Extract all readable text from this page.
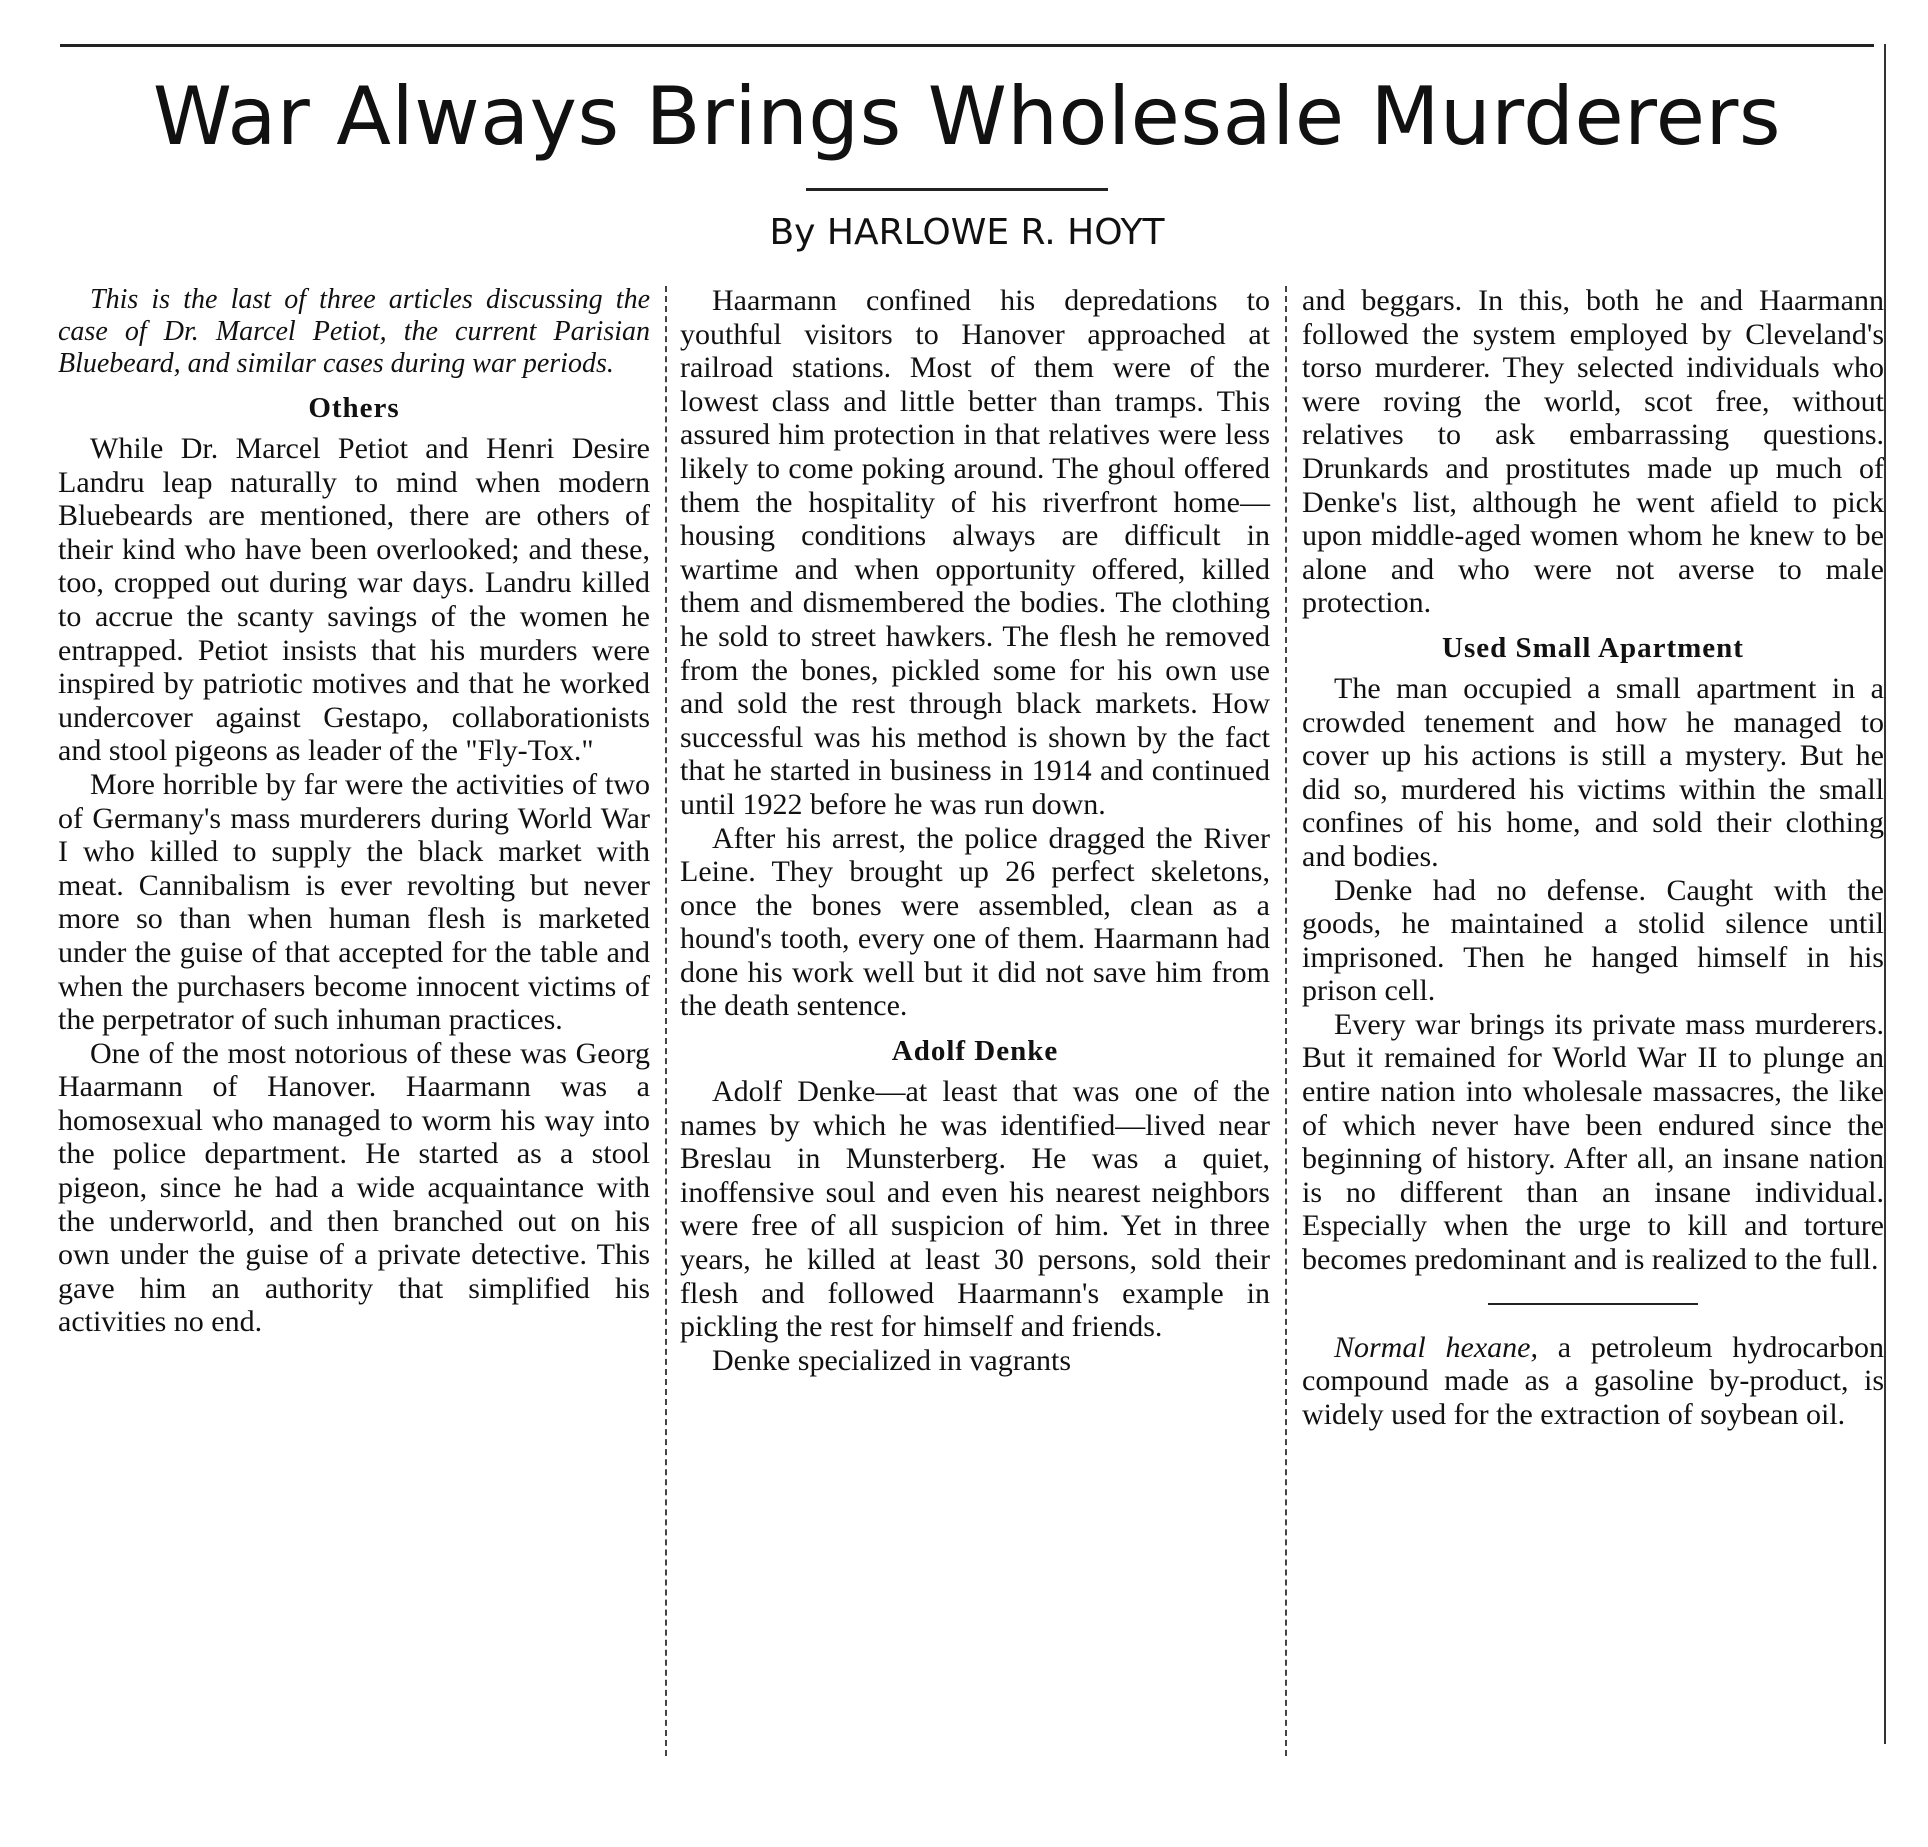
War Always Brings Wholesale Murderers
By HARLOWE R. HOYT

This is the last of three articles discussing the case of Dr. Marcel Petiot, the current Parisian Bluebeard, and similar cases during war periods.

Others

While Dr. Marcel Petiot and Henri Desire Landru leap naturally to mind when modern Bluebeards are mentioned, there are others of their kind who have been overlooked; and these, too, cropped out during war days. Landru killed to accrue the scanty savings of the women he entrapped. Petiot insists that his murders were inspired by patriotic motives and that he worked undercover against Gestapo, collaborationists and stool pigeons as leader of the "Fly-Tox."

More horrible by far were the activities of two of Germany's mass murderers during World War I who killed to supply the black market with meat. Cannibalism is ever revolting but never more so than when human flesh is marketed under the guise of that accepted for the table and when the purchasers become innocent victims of the perpetrator of such inhuman practices.

One of the most notorious of these was Georg Haarmann of Hanover. Haarmann was a homosexual who managed to worm his way into the police department. He started as a stool pigeon, since he had a wide acquaintance with the underworld, and then branched out on his own under the guise of a private detective. This gave him an authority that simplified his activities no end.

Haarmann confined his depredations to youthful visitors to Hanover approached at railroad stations. Most of them were of the lowest class and little better than tramps. This assured him protection in that relatives were less likely to come poking around. The ghoul offered them the hospitality of his riverfront home—housing conditions always are difficult in wartime and when opportunity offered, killed them and dismembered the bodies. The clothing he sold to street hawkers. The flesh he removed from the bones, pickled some for his own use and sold the rest through black markets. How successful was his method is shown by the fact that he started in business in 1914 and continued until 1922 before he was run down.

After his arrest, the police dragged the River Leine. They brought up 26 perfect skeletons, once the bones were assembled, clean as a hound's tooth, every one of them. Haarmann had done his work well but it did not save him from the death sentence.

Adolf Denke

Adolf Denke—at least that was one of the names by which he was identified—lived near Breslau in Munsterberg. He was a quiet, inoffensive soul and even his nearest neighbors were free of all suspicion of him. Yet in three years, he killed at least 30 persons, sold their flesh and followed Haarmann's example in pickling the rest for himself and friends.

Denke specialized in vagrants

and beggars. In this, both he and Haarmann followed the system employed by Cleveland's torso murderer. They selected individuals who were roving the world, scot free, without relatives to ask embarrassing questions. Drunkards and prostitutes made up much of Denke's list, although he went afield to pick upon middle-aged women whom he knew to be alone and who were not averse to male protection.

Used Small Apartment

The man occupied a small apartment in a crowded tenement and how he managed to cover up his actions is still a mystery. But he did so, murdered his victims within the small confines of his home, and sold their clothing and bodies.

Denke had no defense. Caught with the goods, he maintained a stolid silence until imprisoned. Then he hanged himself in his prison cell.

Every war brings its private mass murderers. But it remained for World War II to plunge an entire nation into wholesale massacres, the like of which never have been endured since the beginning of history. After all, an insane nation is no different than an insane individual. Especially when the urge to kill and torture becomes predominant and is realized to the full.

Normal hexane, a petroleum hydrocarbon compound made as a gasoline by-product, is widely used for the extraction of soybean oil.
